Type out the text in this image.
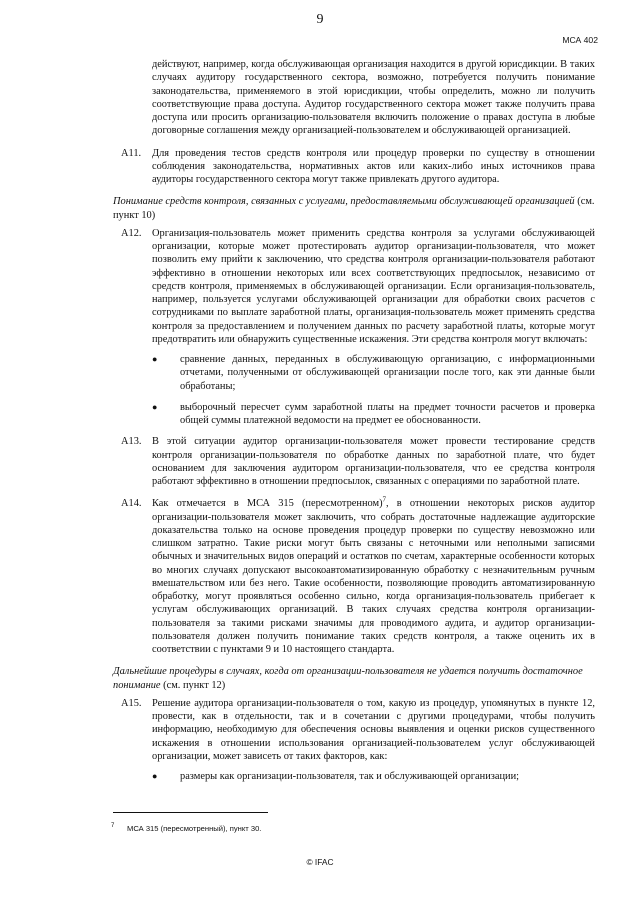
9
МСА 402

действуют, например, когда обслуживающая организация находится в другой юрисдикции. В таких случаях аудитору государственного сектора, возможно, потребуется получить понимание законодательства, применяемого в этой юрисдикции, чтобы определить, можно ли получить соответствующие права доступа. Аудитор государственного сектора может также получить права доступа или просить организацию-пользователя включить положение о правах доступа в любые договорные соглашения между организацией-пользователем и обслуживающей организацией.

A11. Для проведения тестов средств контроля или процедур проверки по существу в отношении соблюдения законодательства, нормативных актов или каких-либо иных источников права аудиторы государственного сектора могут также привлекать другого аудитора.

Понимание средств контроля, связанных с услугами, предоставляемыми обслуживающей организацией (см. пункт 10)
A12. Организация-пользователь может применить средства контроля за услугами обслуживающей организации, которые может протестировать аудитор организации-пользователя, что может позволить ему прийти к заключению, что средства контроля организации-пользователя работают эффективно в отношении некоторых или всех соответствующих предпосылок, независимо от средств контроля, применяемых в обслуживающей организации. Если организация-пользователь, например, пользуется услугами обслуживающей организации для обработки своих расчетов с сотрудниками по выплате заработной платы, организация-пользователь может применять средства контроля за предоставлением и получением данных по расчету заработной платы, которые могут предотвратить или обнаружить существенные искажения. Эти средства контроля могут включать:

● сравнение данных, переданных в обслуживающую организацию, с информационными отчетами, полученными от обслуживающей организации после того, как эти данные были обработаны;
● выборочный пересчет сумм заработной платы на предмет точности расчетов и проверка общей суммы платежной ведомости на предмет ее обоснованности.
A13. В этой ситуации аудитор организации-пользователя может провести тестирование средств контроля организации-пользователя по обработке данных по заработной плате, что будет основанием для заключения аудитором организации-пользователя, что ее средства контроля работают эффективно в отношении предпосылок, связанных с операциями по заработной плате.

A14. Как отмечается в МСА 315 (пересмотренном)$^7$, в отношении некоторых рисков аудитор организации-пользователя может заключить, что собрать достаточные надлежащие аудиторские доказательства только на основе проведения процедур проверки по существу невозможно или слишком затратно. Такие риски могут быть связаны с неточными или неполными записями обычных и значительных видов операций и остатков по счетам, характерные особенности которых во многих случаях допускают высокоавтоматизированную обработку с незначительным ручным вмешательством или без него. Такие особенности, позволяющие проводить автоматизированную обработку, могут проявляться особенно сильно, когда организация-пользователь прибегает к услугам обслуживающих организаций. В таких случаях средства контроля организации-пользователя за такими рисками значимы для проводимого аудита, и аудитор организации-пользователя должен получить понимание таких средств контроля, а также оценить их в соответствии с пунктами 9 и 10 настоящего стандарта.

Дальнейшие процедуры в случаях, когда от организации-пользователя не удается получить достаточное понимание (см. пункт 12)
A15. Решение аудитора организации-пользователя о том, какую из процедур, упомянутых в пункте 12, провести, как в отдельности, так и в сочетании с другими процедурами, чтобы получить информацию, необходимую для обеспечения основы выявления и оценки рисков существенного искажения в отношении использования организацией-пользователем услуг обслуживающей организации, может зависеть от таких факторов, как:

● размеры как организации-пользователя, так и обслуживающей организации;
7 МСА 315 (пересмотренный), пункт 30.
© IFAC
